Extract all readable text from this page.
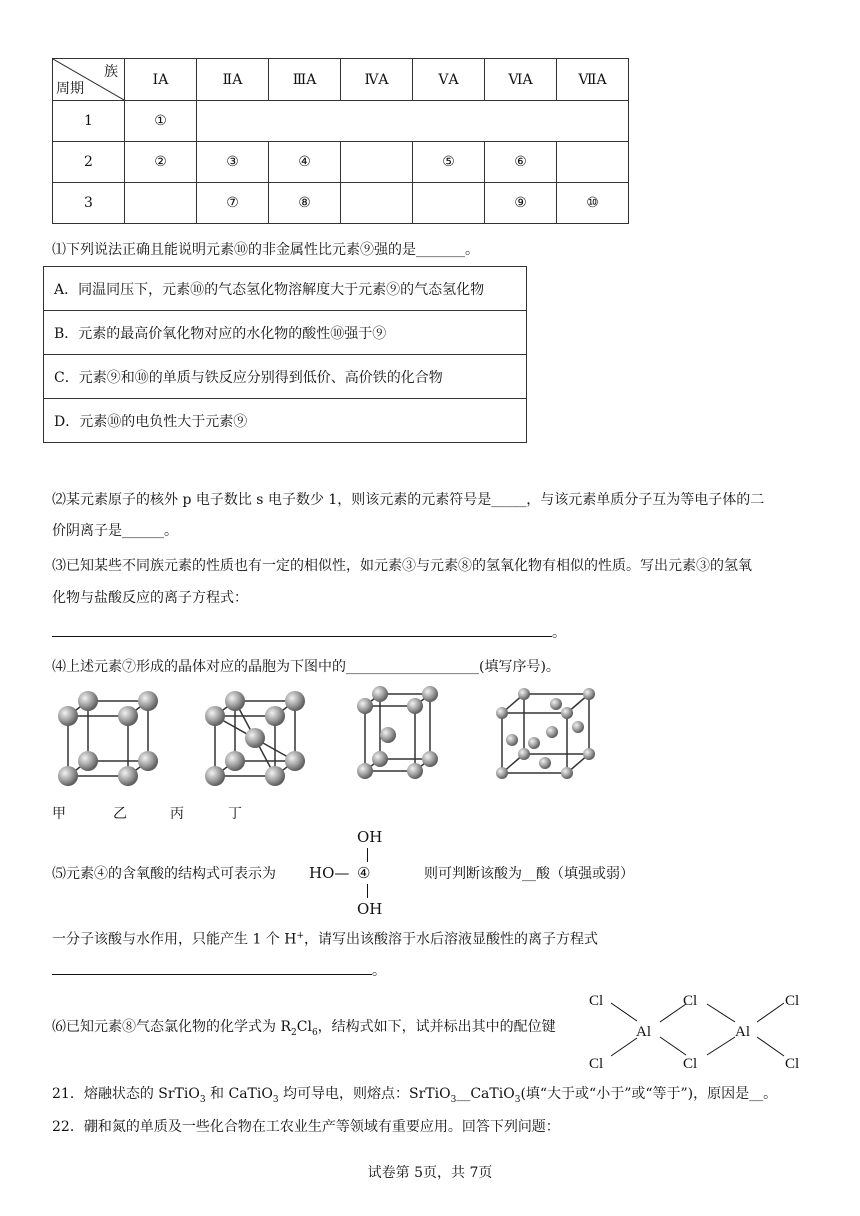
族
周期	ⅠA	ⅡA	ⅢA	ⅣA	ⅤA	ⅥA	ⅦA
1	①						
2	②	③	④		⑤	⑥	
3		⑦	⑧			⑨	⑩
⑴下列说法正确且能说明元素⑩的非金属性比元素⑨强的是_______。
A．同温同压下，元素⑩的气态氢化物溶解度大于元素⑨的气态氢化物
B．元素的最高价氧化物对应的水化物的酸性⑩强于⑨
C．元素⑨和⑩的单质与铁反应分别得到低价、高价铁的化合物
D．元素⑩的电负性大于元素⑨
⑵某元素原子的核外 p 电子数比 s 电子数少 1，则该元素的元素符号是_____，与该元素单质分子互为等电子体的二
价阴离子是______。
⑶已知某些不同族元素的性质也有一定的相似性，如元素③与元素⑧的氢氧化物有相似的性质。写出元素③的氢氧
化物与盐酸反应的离子方程式：
。
⑷上述元素⑦形成的晶体对应的晶胞为下图中的___________________(填写序号)。
甲	乙	丙	丁
⑸元素④的含氧酸的结构式可表示为
OH
HO— ④
OH
则可判断该酸为__酸（填强或弱）
一分子该酸与水作用，只能产生 1 个 H+，请写出该酸溶于水后溶液显酸性的离子方程式
。
⑹已知元素⑧气态氯化物的化学式为 $R_2Cl_6$，结构式如下，试并标出其中的配位键
Cl
Cl
Cl
Cl
Cl
Cl
Al	Al
21．熔融状态的 SrTiO$_3$ 和 CaTiO$_3$ 均可导电，则熔点：SrTiO$_3$__CaTiO$_3$(填“大于或“小于”或“等于”)，原因是__。
22．硼和氮的单质及一些化合物在工农业生产等领域有重要应用。回答下列问题：
试卷第 5页，共 7页
